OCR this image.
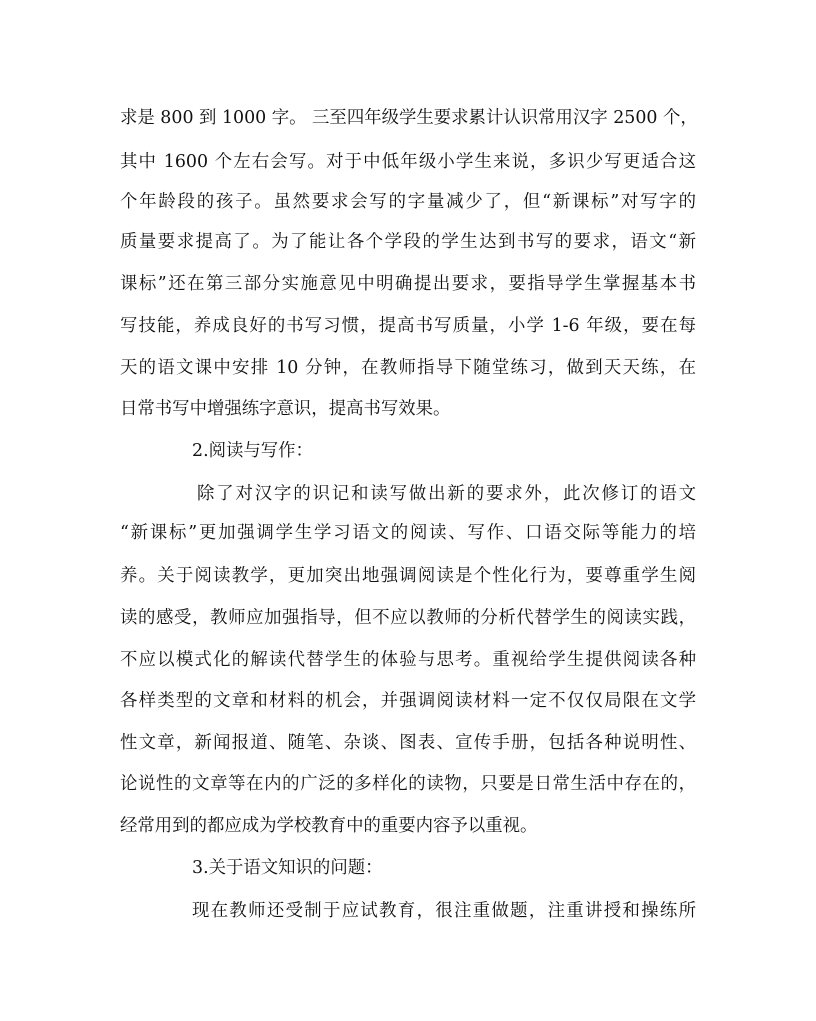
求是 800 到 1000 字。 三至四年级学生要求累计认识常用汉字 2500 个，
其中 1600 个左右会写。对于中低年级小学生来说，多识少写更适合这
个年龄段的孩子。虽然要求会写的字量减少了，但“新课标”对写字的
质量要求提高了。为了能让各个学段的学生达到书写的要求，语文“新
课标”还在第三部分实施意见中明确提出要求，要指导学生掌握基本书
写技能，养成良好的书写习惯，提高书写质量，小学 1-6 年级，要在每
天的语文课中安排 10 分钟，在教师指导下随堂练习，做到天天练，在
日常书写中增强练字意识，提高书写效果。
2.阅读与写作：
除了对汉字的识记和读写做出新的要求外，此次修订的语文
“新课标”更加强调学生学习语文的阅读、写作、口语交际等能力的培
养。关于阅读教学，更加突出地强调阅读是个性化行为，要尊重学生阅
读的感受，教师应加强指导，但不应以教师的分析代替学生的阅读实践，
不应以模式化的解读代替学生的体验与思考。重视给学生提供阅读各种
各样类型的文章和材料的机会，并强调阅读材料一定不仅仅局限在文学
性文章，新闻报道、随笔、杂谈、图表、宣传手册，包括各种说明性、
论说性的文章等在内的广泛的多样化的读物，只要是日常生活中存在的，
经常用到的都应成为学校教育中的重要内容予以重视。
3.关于语文知识的问题：
现在教师还受制于应试教育，很注重做题，注重讲授和操练所
